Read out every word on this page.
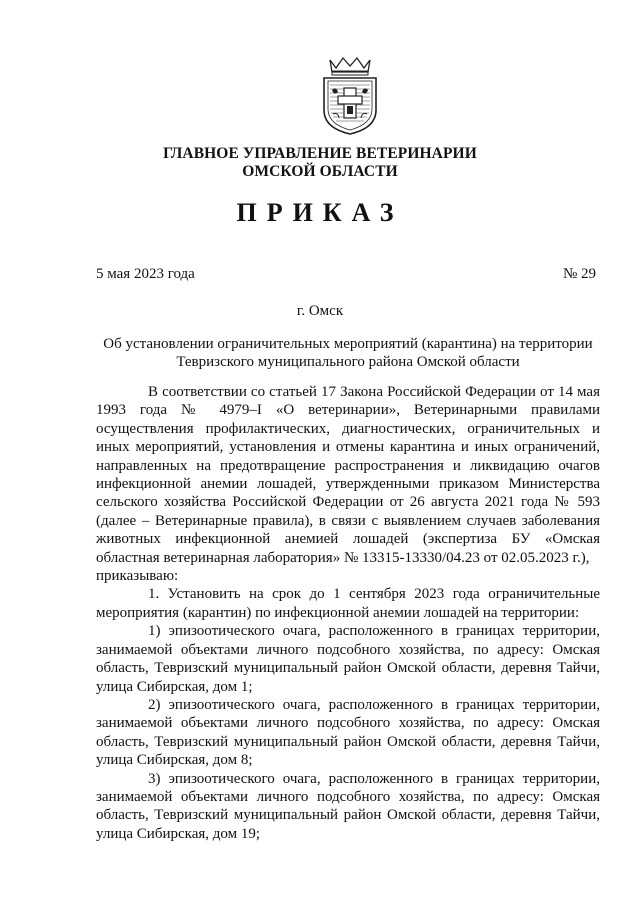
ГЛАВНОЕ УПРАВЛЕНИЕ ВЕТЕРИНАРИИ
ОМСКОЙ ОБЛАСТИ
ПРИКАЗ
5 мая 2023 года	№ 29
г. Омск
Об установлении ограничительных мероприятий (карантина) на территории Тевризского муниципального района Омской области

В соответствии со статьей 17 Закона Российской Федерации от 14 мая 1993 года № 4979–I «О ветеринарии», Ветеринарными правилами осуществления профилактических, диагностических, ограничительных и иных мероприятий, установления и отмены карантина и иных ограничений, направленных на предотвращение распространения и ликвидацию очагов инфекционной анемии лошадей, утвержденными приказом Министерства сельского хозяйства Российской Федерации от 26 августа 2021 года № 593 (далее – Ветеринарные правила), в связи с выявлением случаев заболевания животных инфекционной анемией лошадей (экспертиза БУ «Омская областная ветеринарная лаборатория» № 13315-13330/04.23 от 02.05.2023 г.),

приказываю:

1. Установить на срок до 1 сентября 2023 года ограничительные мероприятия (карантин) по инфекционной анемии лошадей на территории:

1) эпизоотического очага, расположенного в границах территории, занимаемой объектами личного подсобного хозяйства, по адресу: Омская область, Тевризский муниципальный район Омской области, деревня Тайчи, улица Сибирская, дом 1;

2) эпизоотического очага, расположенного в границах территории, занимаемой объектами личного подсобного хозяйства, по адресу: Омская область, Тевризский муниципальный район Омской области, деревня Тайчи, улица Сибирская, дом 8;

3) эпизоотического очага, расположенного в границах территории, занимаемой объектами личного подсобного хозяйства, по адресу: Омская область, Тевризский муниципальный район Омской области, деревня Тайчи, улица Сибирская, дом 19;
